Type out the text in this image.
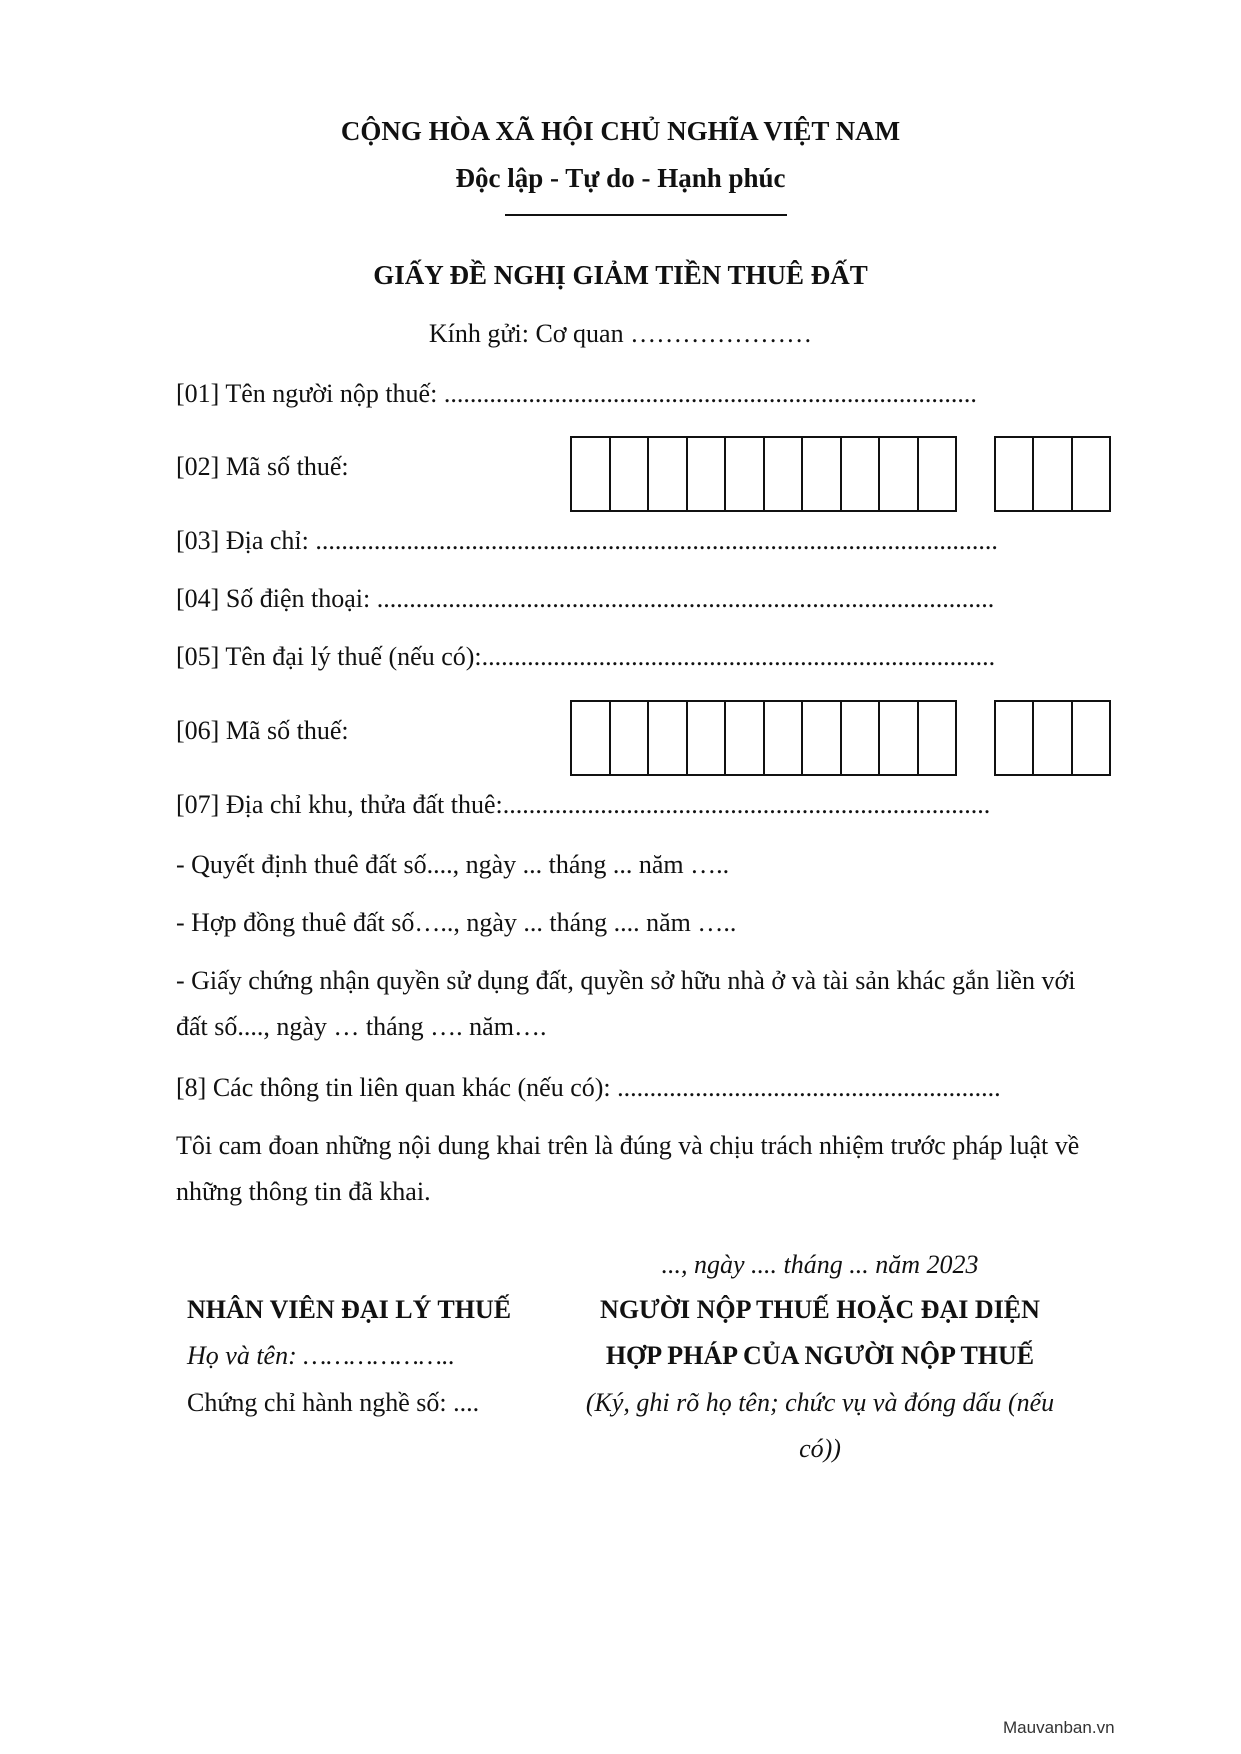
CỘNG HÒA XÃ HỘI CHỦ NGHĨA VIỆT NAM
Độc lập - Tự do - Hạnh phúc
GIẤY ĐỀ NGHỊ GIẢM TIỀN THUÊ ĐẤT
Kính gửi: Cơ quan …………………
[01] Tên người nộp thuế: ..................................................................................
[02] Mã số thuế:
[03] Địa chỉ: .........................................................................................................
[04] Số điện thoại: ...............................................................................................
[05] Tên đại lý thuế (nếu có):...............................................................................
[06] Mã số thuế:
[07] Địa chỉ khu, thửa đất thuê:...........................................................................
- Quyết định thuê đất số...., ngày ... tháng ... năm …..
- Hợp đồng thuê đất số….., ngày ... tháng .... năm …..
- Giấy chứng nhận quyền sử dụng đất, quyền sở hữu nhà ở và tài sản khác gắn liền với
đất số...., ngày … tháng …. năm….
[8] Các thông tin liên quan khác (nếu có): ...........................................................
Tôi cam đoan những nội dung khai trên là đúng và chịu trách nhiệm trước pháp luật về
những thông tin đã khai.
..., ngày .... tháng ... năm 2023
NHÂN VIÊN ĐẠI LÝ THUẾ
Họ và tên: ………………..
Chứng chỉ hành nghề số: ....
NGƯỜI NỘP THUẾ HOẶC ĐẠI DIỆN
HỢP PHÁP CỦA NGƯỜI NỘP THUẾ
(Ký, ghi rõ họ tên; chức vụ và đóng dấu (nếu
có))
Mauvanban.vn
